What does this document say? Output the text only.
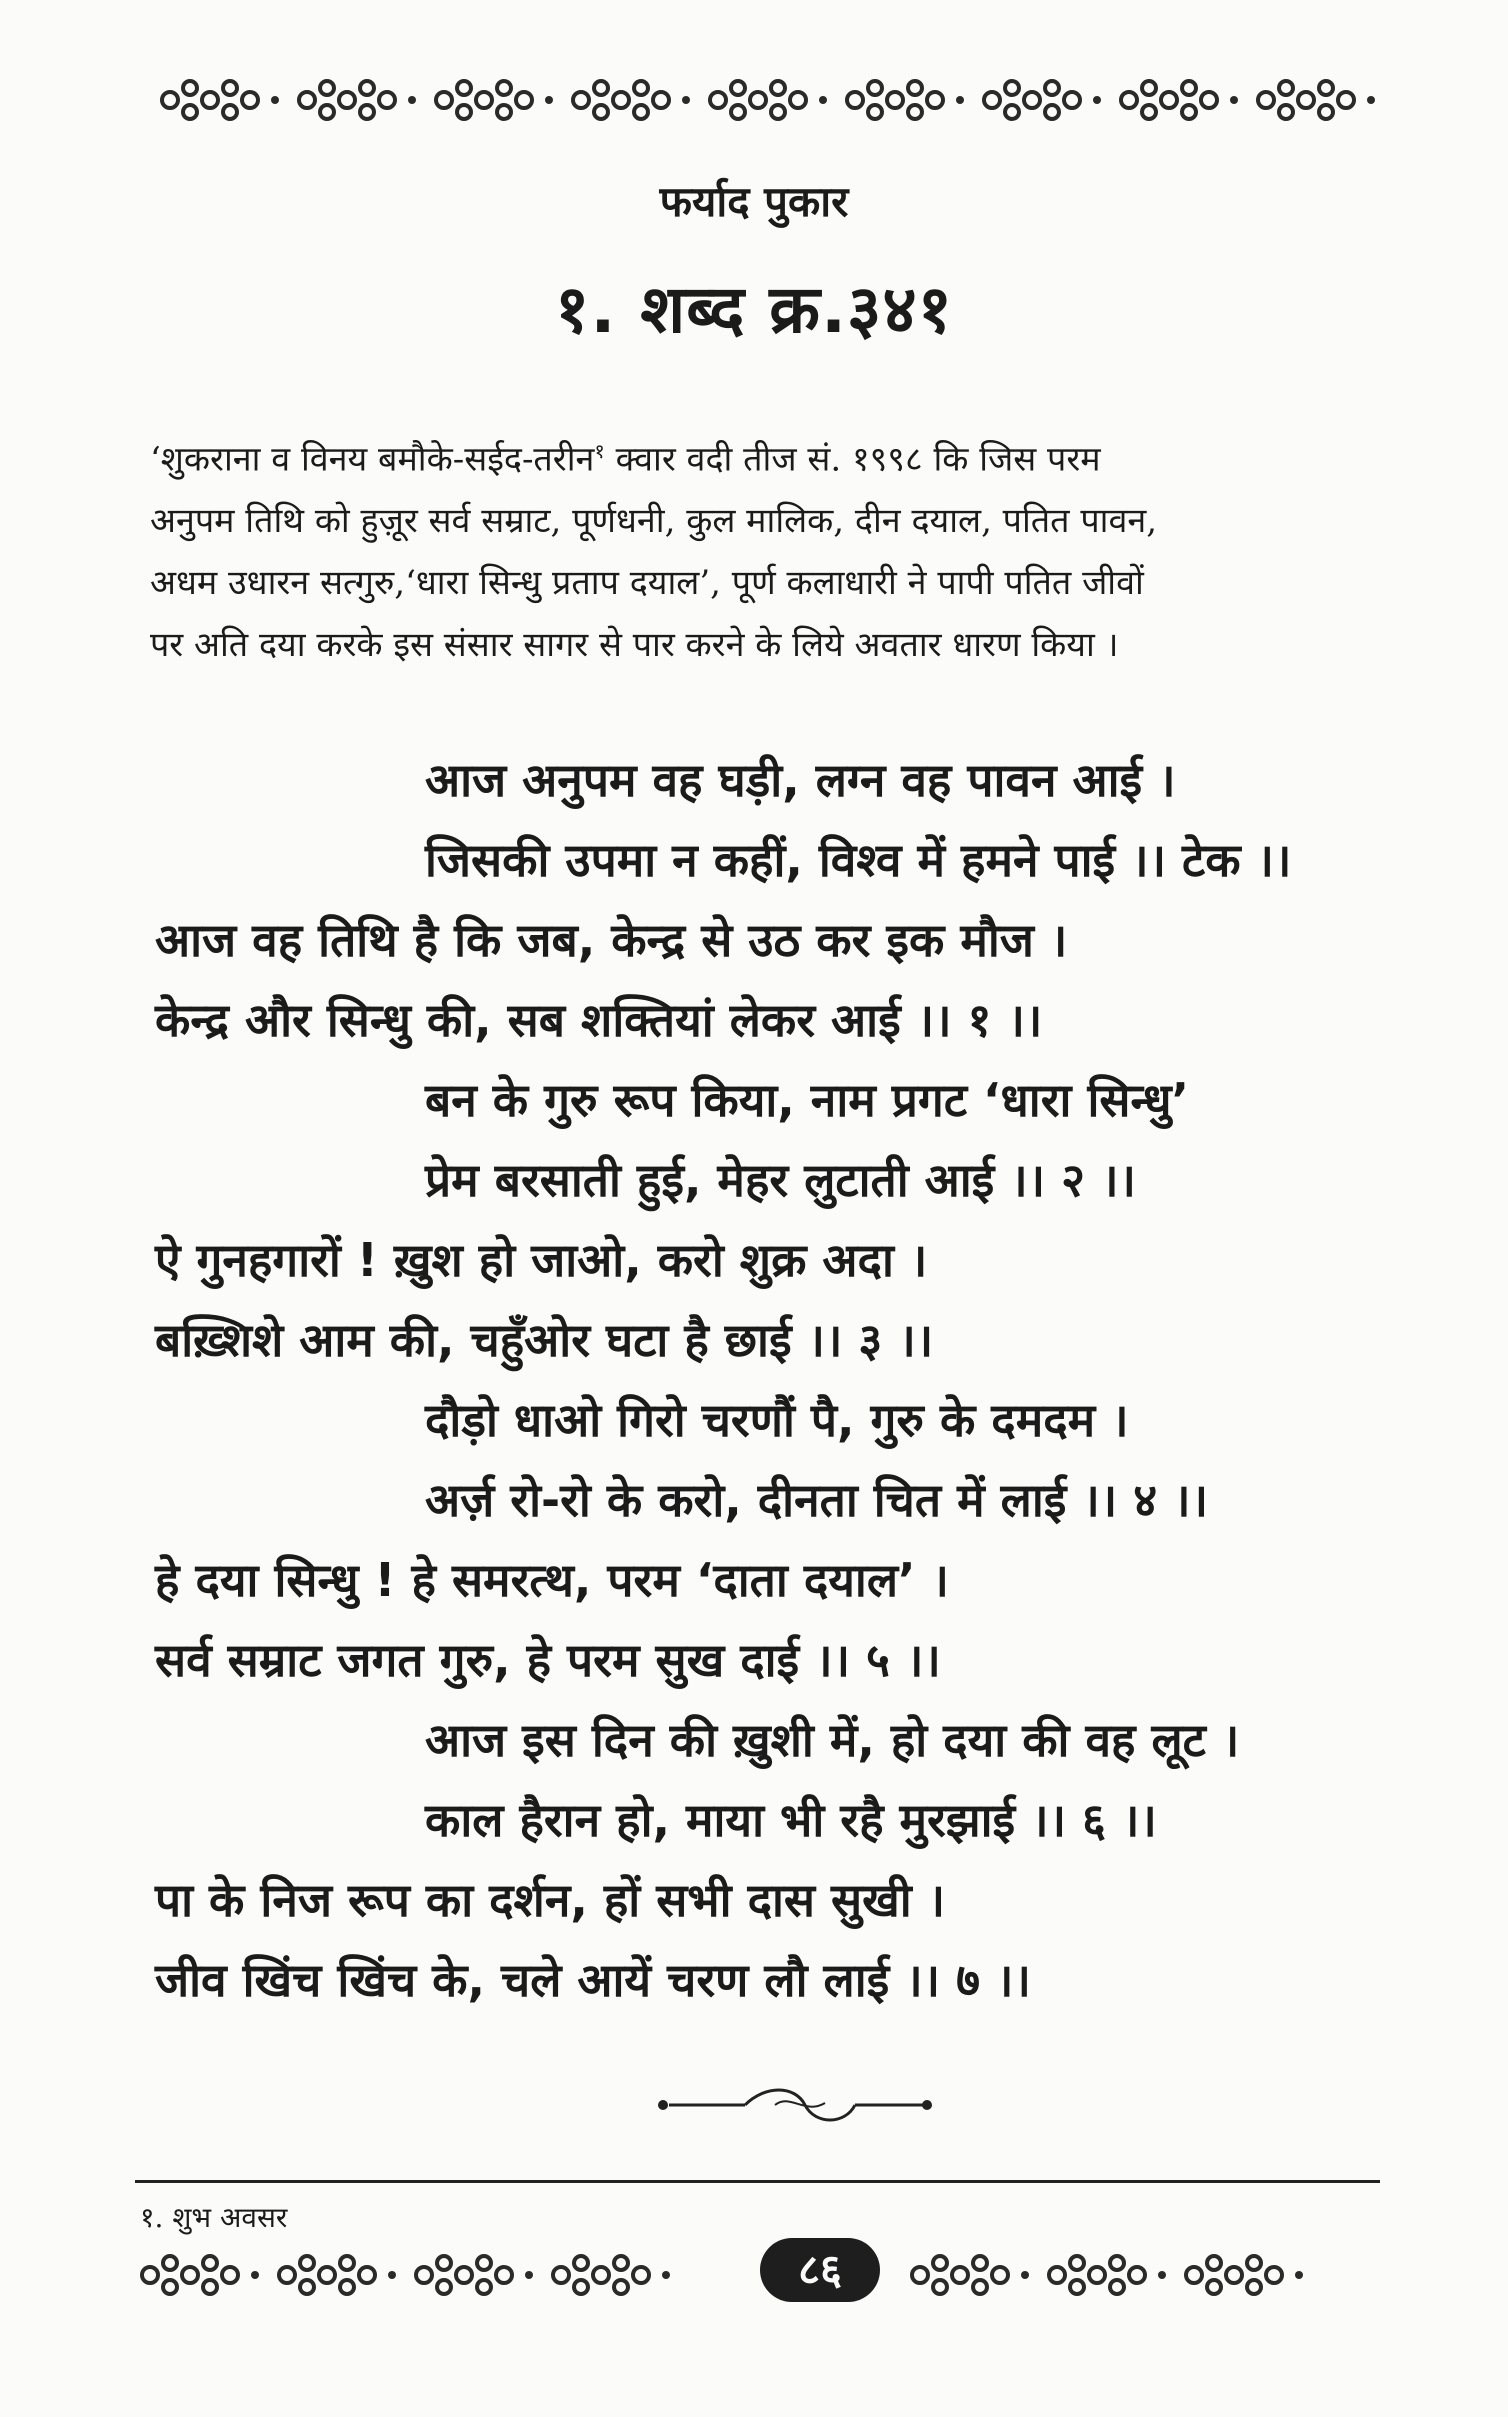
फर्याद पुकार
१. शब्द क्र.३४१
‘शुकराना व विनय बमौके-सईद-तरीन$^१$ क्वार वदी तीज सं. १९९८ कि जिस परम
अनुपम तिथि को हुज़ूर सर्व सम्राट, पूर्णधनी, कुल मालिक, दीन दयाल, पतित पावन,
अधम उधारन सत्गुरु,‘धारा सिन्धु प्रताप दयाल’, पूर्ण कलाधारी ने पापी पतित जीवों
पर अति दया करके इस संसार सागर से पार करने के लिये अवतार धारण किया ।
आज अनुपम वह घड़ी, लग्न वह पावन आई ।
जिसकी उपमा न कहीं, विश्व में हमने पाई ।। टेक ।।
आज वह तिथि है कि जब, केन्द्र से उठ कर इक मौज ।
केन्द्र और सिन्धु की, सब शक्तियां लेकर आई ।। १ ।।
बन के गुरु रूप किया, नाम प्रगट ‘धारा सिन्धु’
प्रेम बरसाती हुई, मेहर लुटाती आई ।। २ ।।
ऐ गुनहगारों ! ख़ुश हो जाओ, करो शुक्र अदा ।
बख़्शिशे आम की, चहुँओर घटा है छाई ।। ३ ।।
दौड़ो धाओ गिरो चरणौं पै, गुरु के दमदम ।
अर्ज़ रो-रो के करो, दीनता चित में लाई ।। ४ ।।
हे दया सिन्धु ! हे समरत्थ, परम ‘दाता दयाल’ ।
सर्व सम्राट जगत गुरु, हे परम सुख दाई ।। ५ ।।
आज इस दिन की ख़ुशी में, हो दया की वह लूट ।
काल हैरान हो, माया भी रहै मुरझाई ।। ६ ।।
पा के निज रूप का दर्शन, हों सभी दास सुखी ।
जीव खिंच खिंच के, चले आयें चरण लौ लाई ।। ७ ।।
१. शुभ अवसर
८६
